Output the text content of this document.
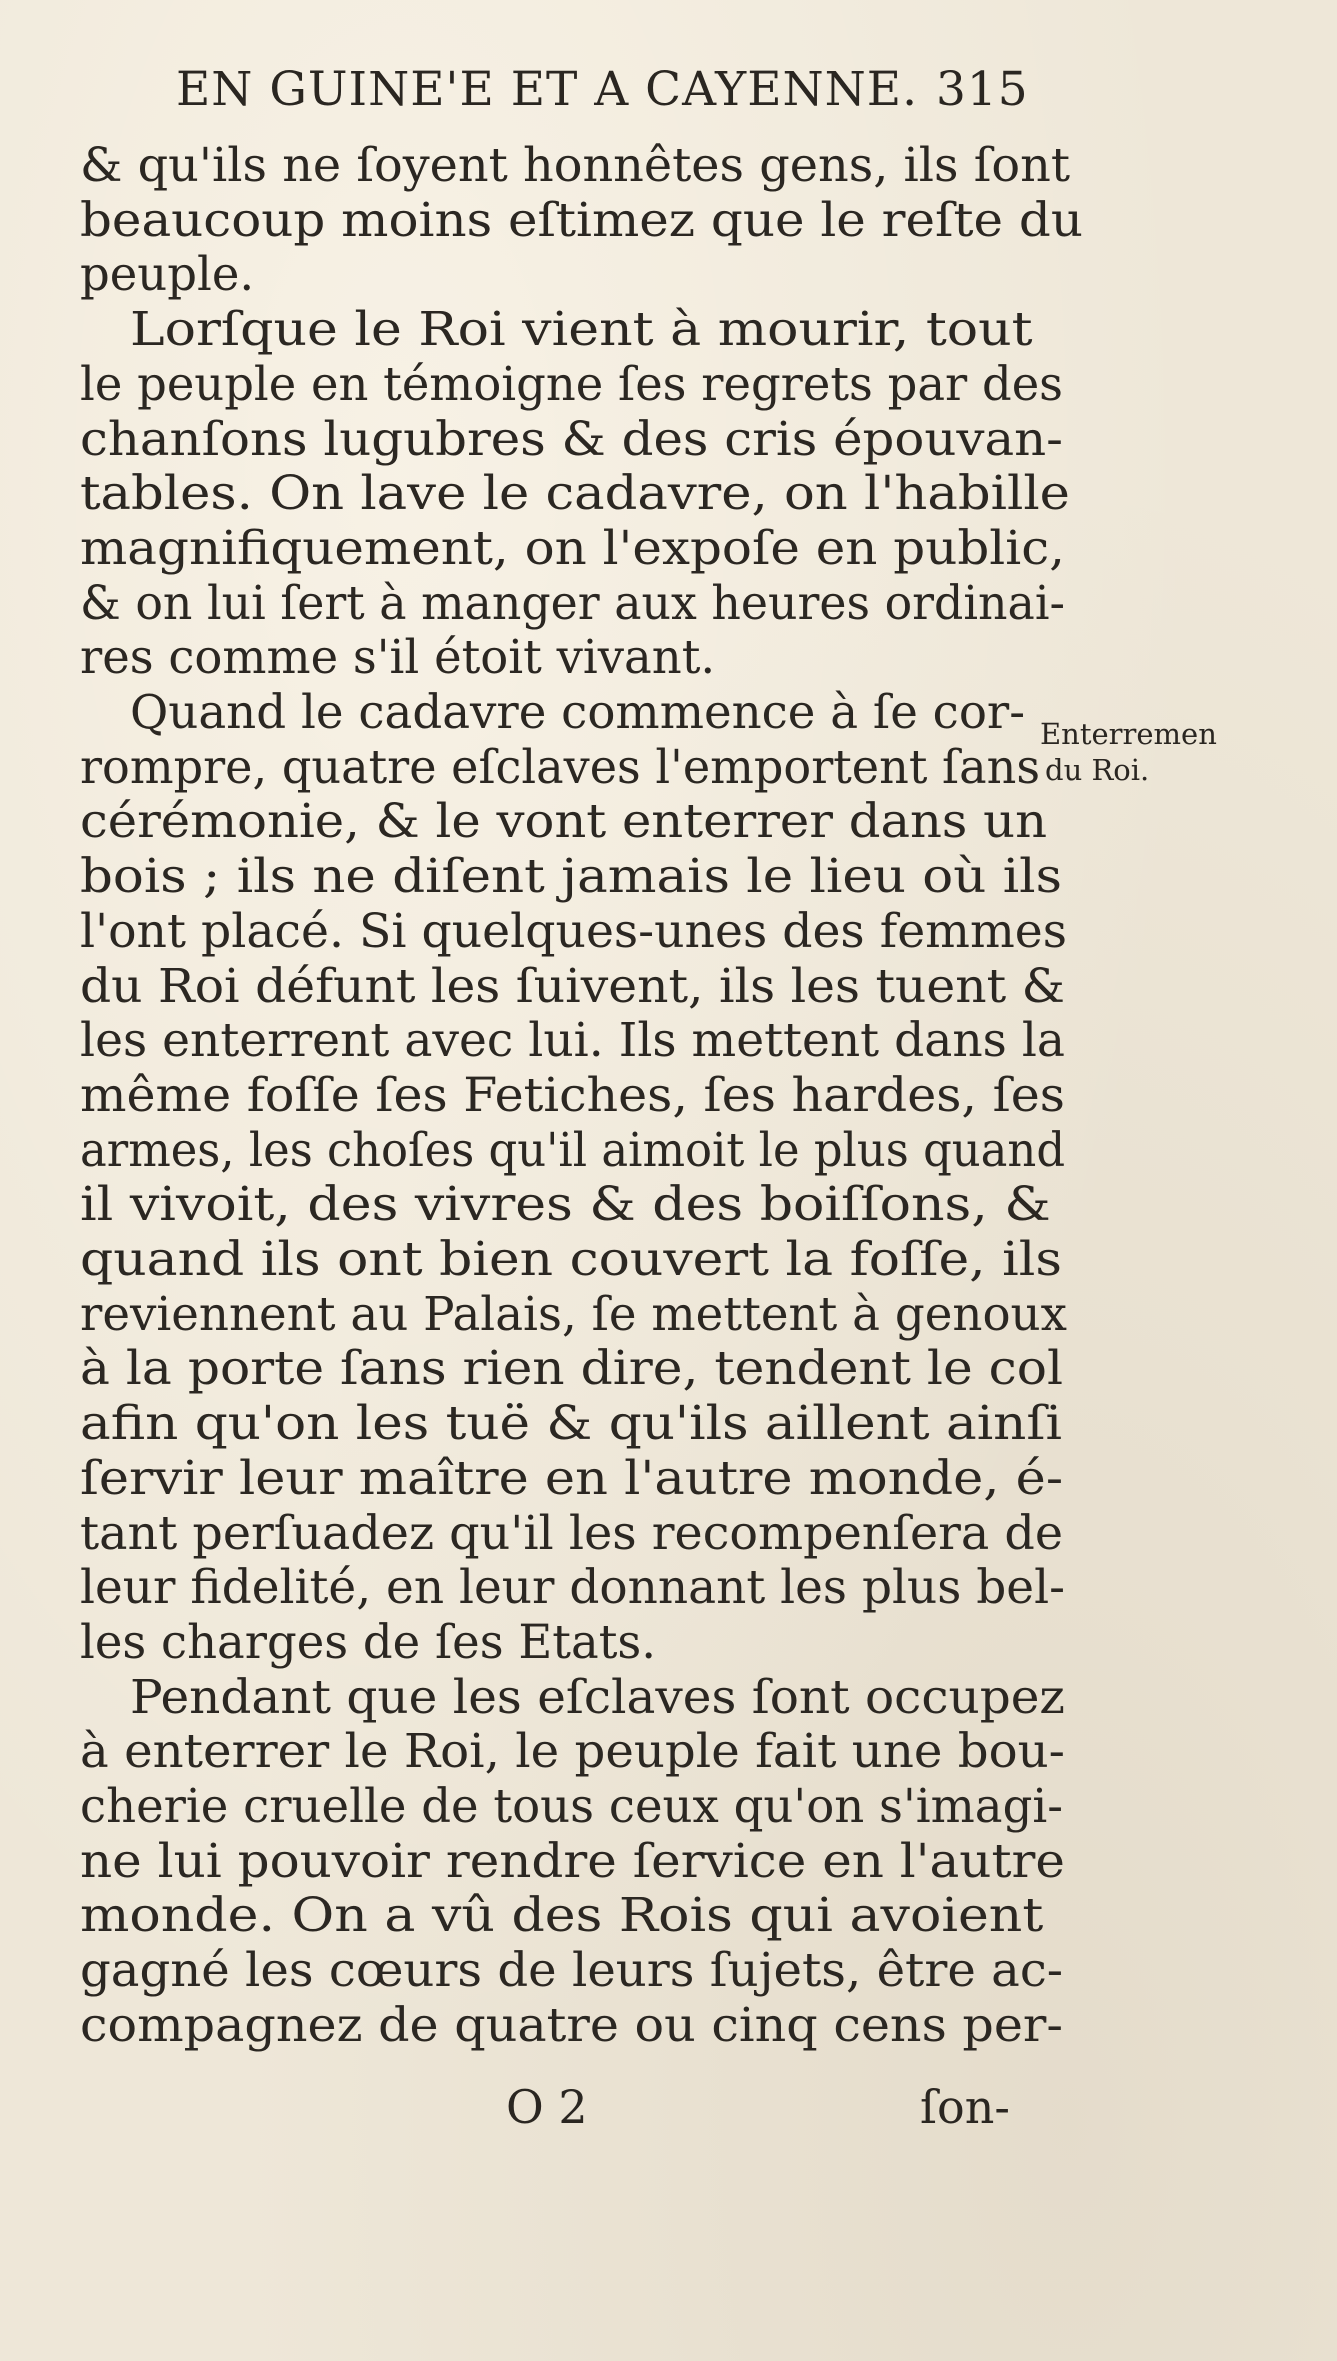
EN GUINE'E ET A CAYENNE. 315
& qu'ils ne ſoyent honnêtes gens, ils ſont
beaucoup moins eſtimez que le reſte du
peuple.
Lorſque le Roi vient à mourir, tout
le peuple en témoigne ſes regrets par des
chanſons lugubres & des cris épouvan-
tables. On lave le cadavre, on l'habille
magnifiquement, on l'expoſe en public,
& on lui ſert à manger aux heures ordinai-
res comme s'il étoit vivant.
Quand le cadavre commence à ſe cor-
rompre, quatre eſclaves l'emportent ſans
cérémonie, & le vont enterrer dans un
bois ; ils ne diſent jamais le lieu où ils
l'ont placé. Si quelques-unes des femmes
du Roi défunt les ſuivent, ils les tuent &
les enterrent avec lui. Ils mettent dans la
même foſſe ſes Fetiches, ſes hardes, ſes
armes, les choſes qu'il aimoit le plus quand
il vivoit, des vivres & des boiſſons, &
quand ils ont bien couvert la foſſe, ils
reviennent au Palais, ſe mettent à genoux
à la porte ſans rien dire, tendent le col
afin qu'on les tuë & qu'ils aillent ainſi
ſervir leur maître en l'autre monde, é-
tant perſuadez qu'il les recompenſera de
leur fidelité, en leur donnant les plus bel-
les charges de ſes Etats.
Pendant que les eſclaves ſont occupez
à enterrer le Roi, le peuple fait une bou-
cherie cruelle de tous ceux qu'on s'imagi-
ne lui pouvoir rendre ſervice en l'autre
monde. On a vû des Rois qui avoient
gagné les cœurs de leurs ſujets, être ac-
compagnez de quatre ou cinq cens per-
Enterremen
du Roi.
O 2	ſon-
